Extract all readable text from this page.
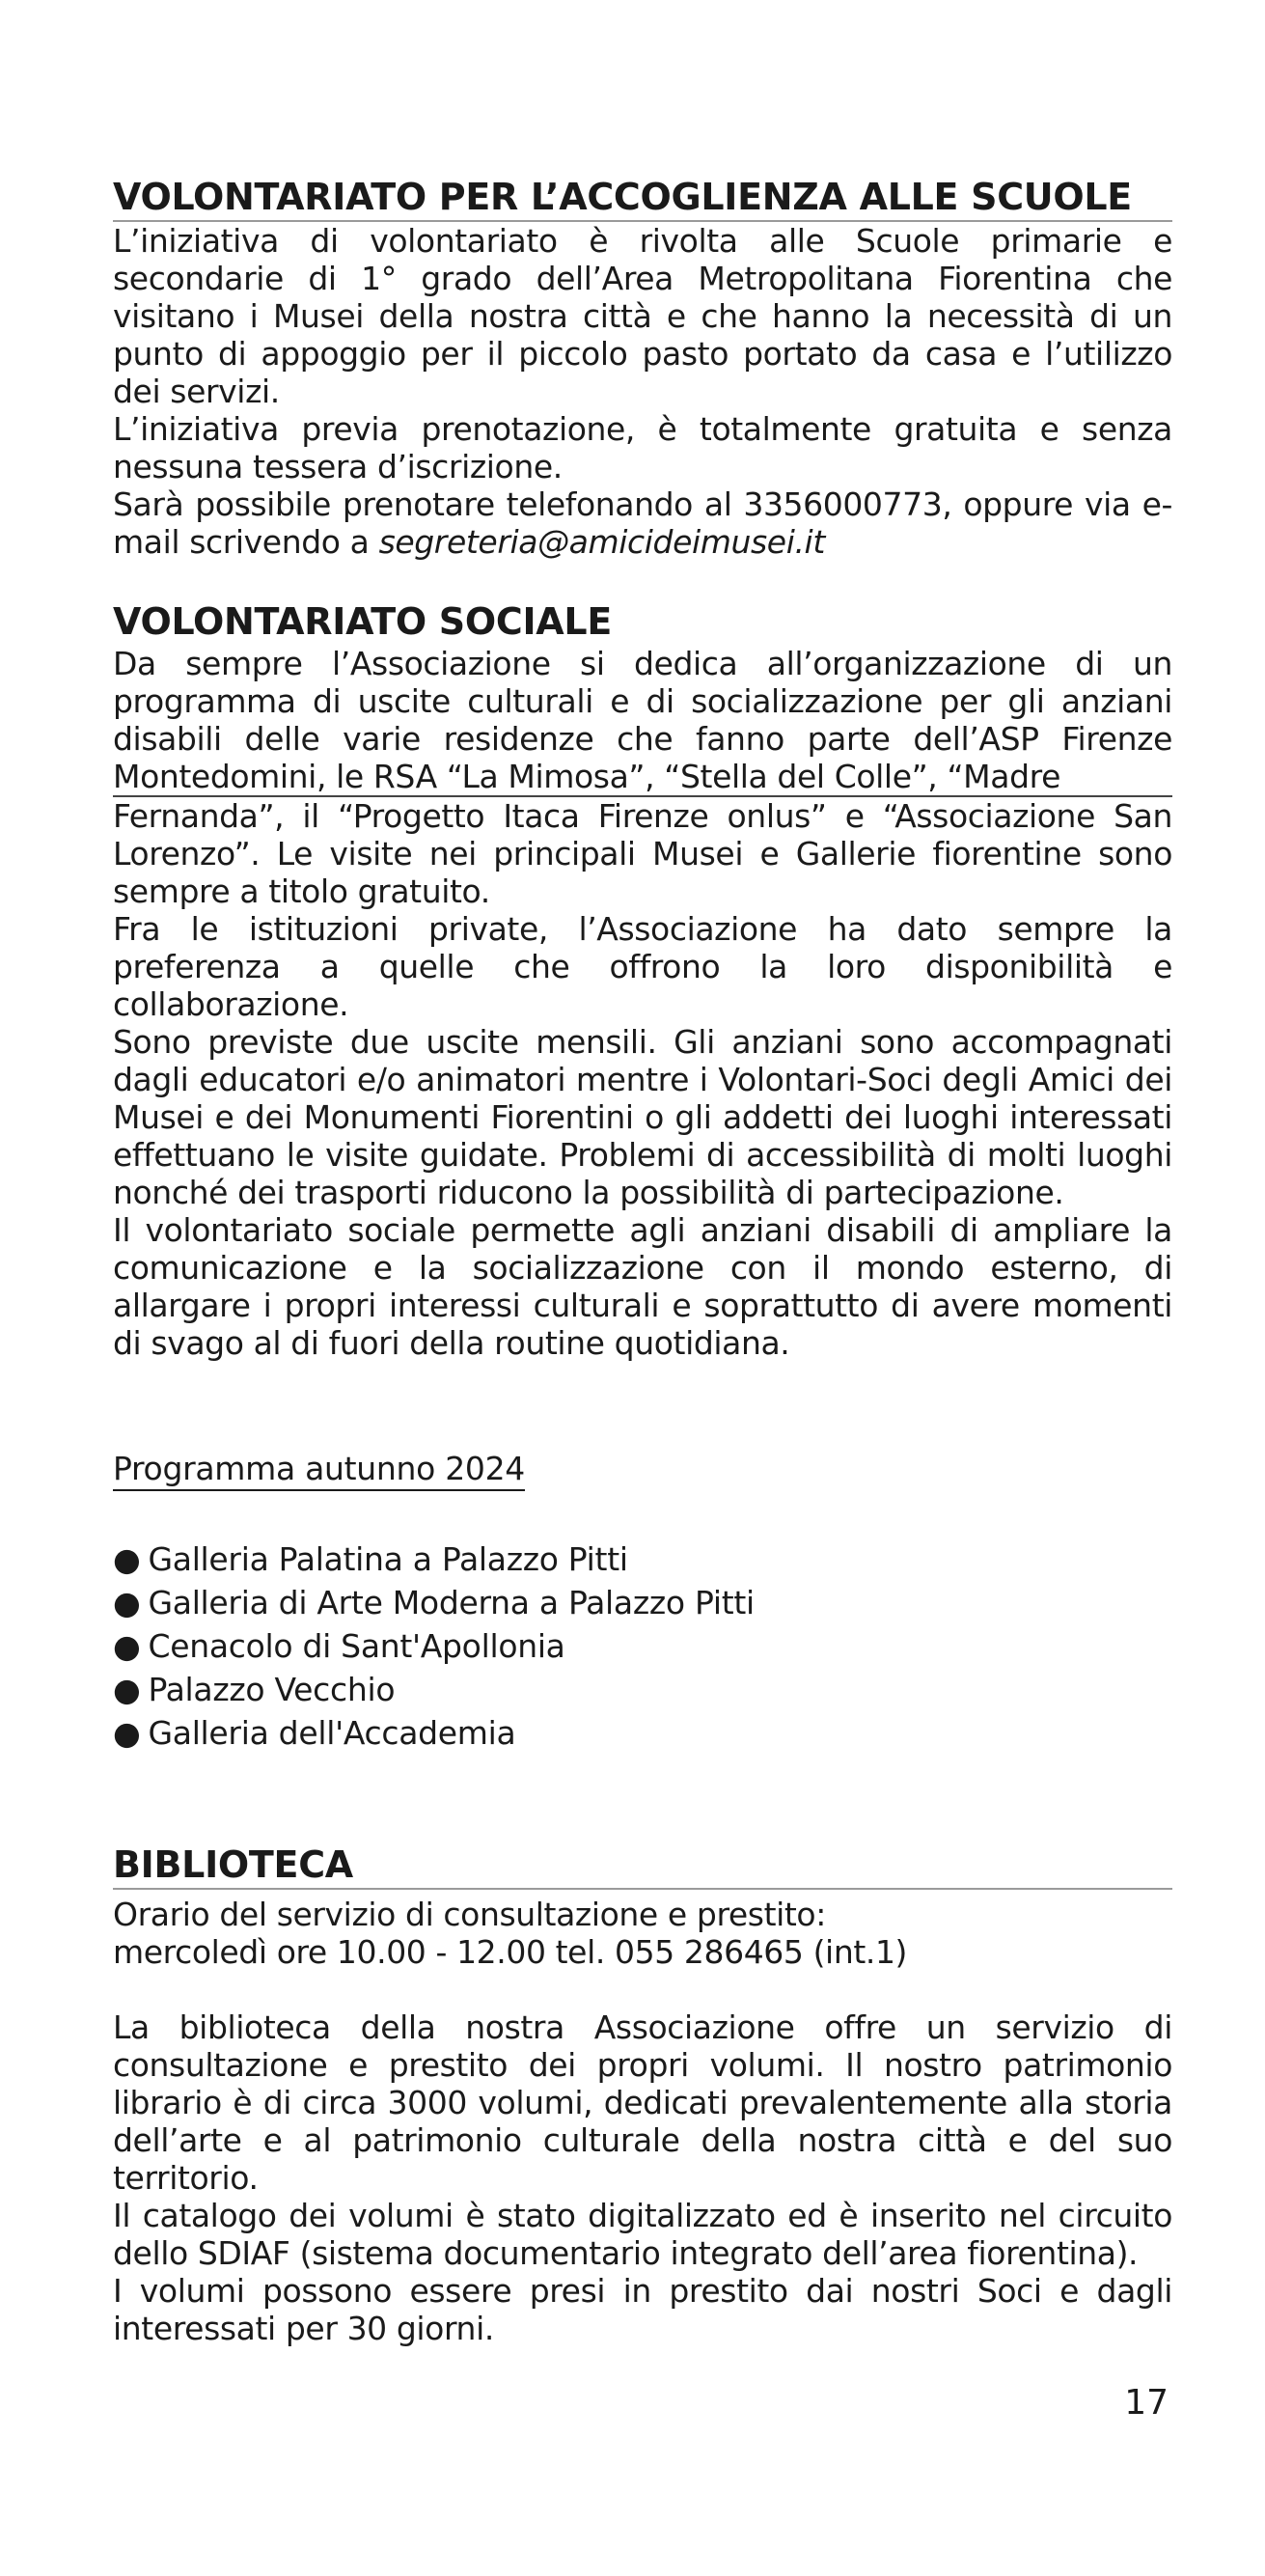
VOLONTARIATO PER L’ACCOGLIENZA ALLE SCUOLE

L’iniziativa di volontariato è rivolta alle Scuole primarie e secondarie di 1° grado dell’Area Metropolitana Fiorentina che visitano i Musei della nostra città e che hanno la necessità di un punto di appoggio per il piccolo pasto portato da casa e l’utilizzo dei servizi.

L’iniziativa previa prenotazione, è totalmente gratuita e senza nessuna tessera d’iscrizione.

Sarà possibile prenotare telefonando al 3356000773, oppure via e-mail scrivendo a segreteria@amicideimusei.it

VOLONTARIATO SOCIALE

Da sempre l’Associazione si dedica all’organizzazione di un programma di uscite culturali e di socializzazione per gli anziani disabili delle varie residenze che fanno parte dell’ASP Firenze Montedomini, le RSA “La Mimosa”, “Stella del Colle”, “Madre

Fernanda”, il “Progetto Itaca Firenze onlus” e “Associazione San Lorenzo”. Le visite nei principali Musei e Gallerie fiorentine sono sempre a titolo gratuito.

Fra le istituzioni private, l’Associazione ha dato sempre la preferenza a quelle che offrono la loro disponibilità e collaborazione.

Sono previste due uscite mensili. Gli anziani sono accompagnati dagli educatori e/o animatori mentre i Volontari-Soci degli Amici dei Musei e dei Monumenti Fiorentini o gli addetti dei luoghi interessati effettuano le visite guidate. Problemi di accessibilità di molti luoghi nonché dei trasporti riducono la possibilità di partecipazione.

Il volontariato sociale permette agli anziani disabili di ampliare la comunicazione e la socializzazione con il mondo esterno, di allargare i propri interessi culturali e soprattutto di avere momenti di svago al di fuori della routine quotidiana.

Programma autunno 2024
● Galleria Palatina a Palazzo Pitti
● Galleria di Arte Moderna a Palazzo Pitti
● Cenacolo di Sant'Apollonia
● Palazzo Vecchio
● Galleria dell'Accademia
BIBLIOTECA

Orario del servizio di consultazione e prestito:

mercoledì ore 10.00 - 12.00 tel. 055 286465 (int.1)

La biblioteca della nostra Associazione offre un servizio di consultazione e prestito dei propri volumi. Il nostro patrimonio librario è di circa 3000 volumi, dedicati prevalentemente alla storia dell’arte e al patrimonio culturale della nostra città e del suo territorio.

Il catalogo dei volumi è stato digitalizzato ed è inserito nel circuito dello SDIAF (sistema documentario integrato dell’area fiorentina).

I volumi possono essere presi in prestito dai nostri Soci e dagli interessati per 30 giorni.

17
